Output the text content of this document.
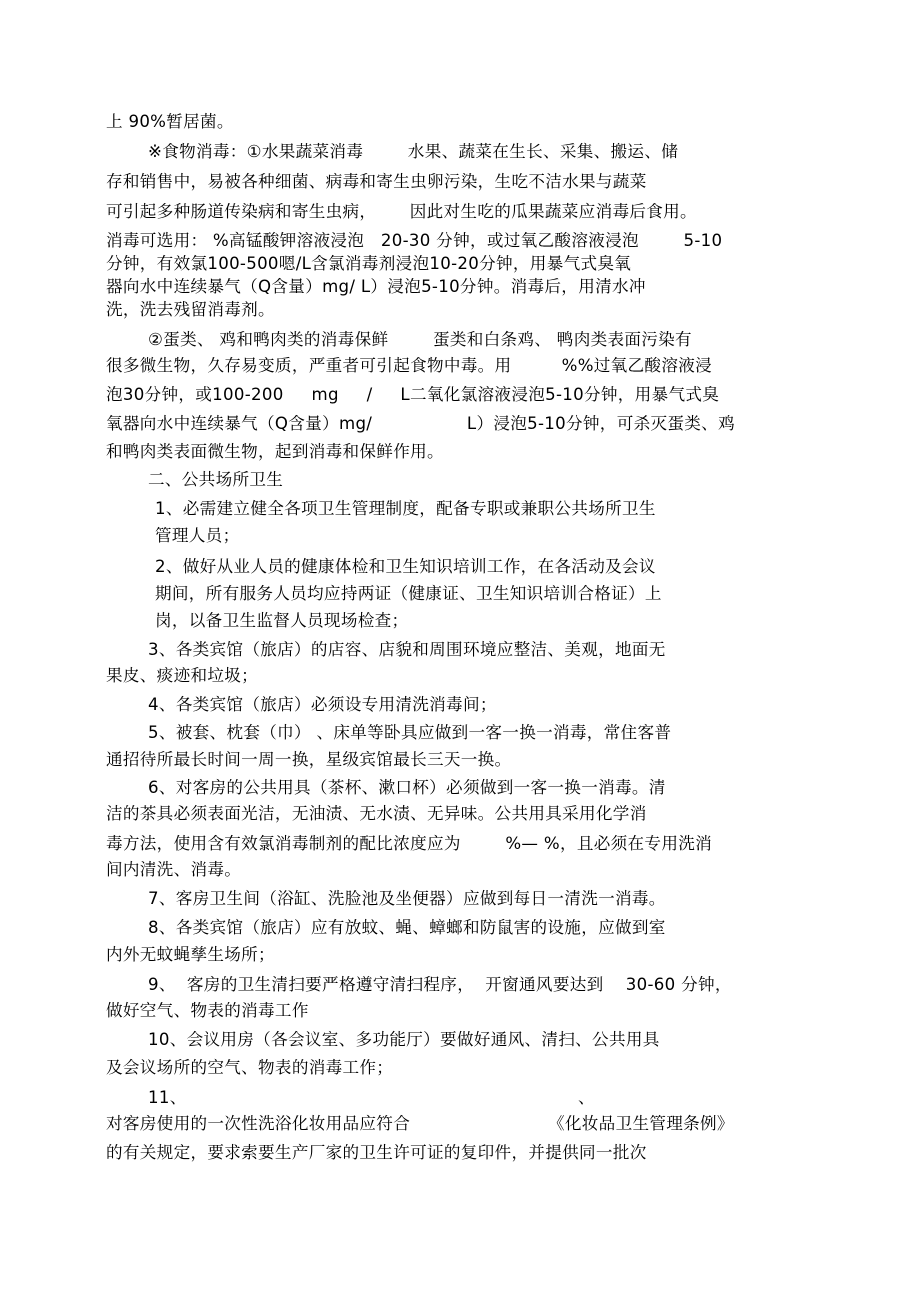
上 90%暂居菌。
※食物消毒：①水果蔬菜消毒        水果、蔬菜在生长、采集、搬运、储
存和销售中，易被各种细菌、病毒和寄生虫卵污染，生吃不洁水果与蔬菜
可引起多种肠道传染病和寄生虫病，      因此对生吃的瓜果蔬菜应消毒后食用。
消毒可选用： %高锰酸钾溶液浸泡   20-30 分钟，或过氧乙酸溶液浸泡        5-10
分钟，有效氯100-500嗯/L含氯消毒剂浸泡10-20分钟，用暴气式臭氧
器向水中连续暴气（Q含量）mg/ L）浸泡5-10分钟。消毒后，用清水冲
洗，洗去残留消毒剂。
②蛋类、 鸡和鸭肉类的消毒保鲜        蛋类和白条鸡、 鸭肉类表面污染有
很多微生物，久存易变质，严重者可引起食物中毒。用         %%过氧乙酸溶液浸
泡30分钟，或100-200     mg     /     L二氧化氯溶液浸泡5-10分钟，用暴气式臭
氧器向水中连续暴气（Q含量）mg/                 L）浸泡5-10分钟，可杀灭蛋类、鸡
和鸭肉类表面微生物，起到消毒和保鲜作用。
二、公共场所卫生
1、必需建立健全各项卫生管理制度，配备专职或兼职公共场所卫生
管理人员；
2、做好从业人员的健康体检和卫生知识培训工作，在各活动及会议
期间，所有服务人员均应持两证（健康证、卫生知识培训合格证）上
岗，以备卫生监督人员现场检查；
3、各类宾馆（旅店）的店容、店貌和周围环境应整洁、美观，地面无
果皮、痰迹和垃圾；
4、各类宾馆（旅店）必须设专用清洗消毒间；
5、被套、枕套（巾） 、床单等卧具应做到一客一换一消毒，常住客普
通招待所最长时间一周一换，星级宾馆最长三天一换。
6、对客房的公共用具（茶杯、漱口杯）必须做到一客一换一消毒。清
洁的茶具必须表面光洁，无油渍、无水渍、无异味。公共用具采用化学消
毒方法，使用含有效氯消毒制剂的配比浓度应为        %— %，且必须在专用洗消
间内清洗、消毒。
7、客房卫生间（浴缸、洗脸池及坐便器）应做到每日一清洗一消毒。
8、各类宾馆（旅店）应有放蚊、蝇、蟑螂和防鼠害的设施，应做到室
内外无蚊蝇孳生场所；
9、  客房的卫生清扫要严格遵守清扫程序，  开窗通风要达到    30-60 分钟，
做好空气、物表的消毒工作
10、会议用房（各会议室、多功能厅）要做好通风、清扫、公共用具
及会议场所的空气、物表的消毒工作；
11、	、
对客房使用的一次性洗浴化妆用品应符合	《化妆品卫生管理条例》
的有关规定，要求索要生产厂家的卫生许可证的复印件，并提供同一批次
